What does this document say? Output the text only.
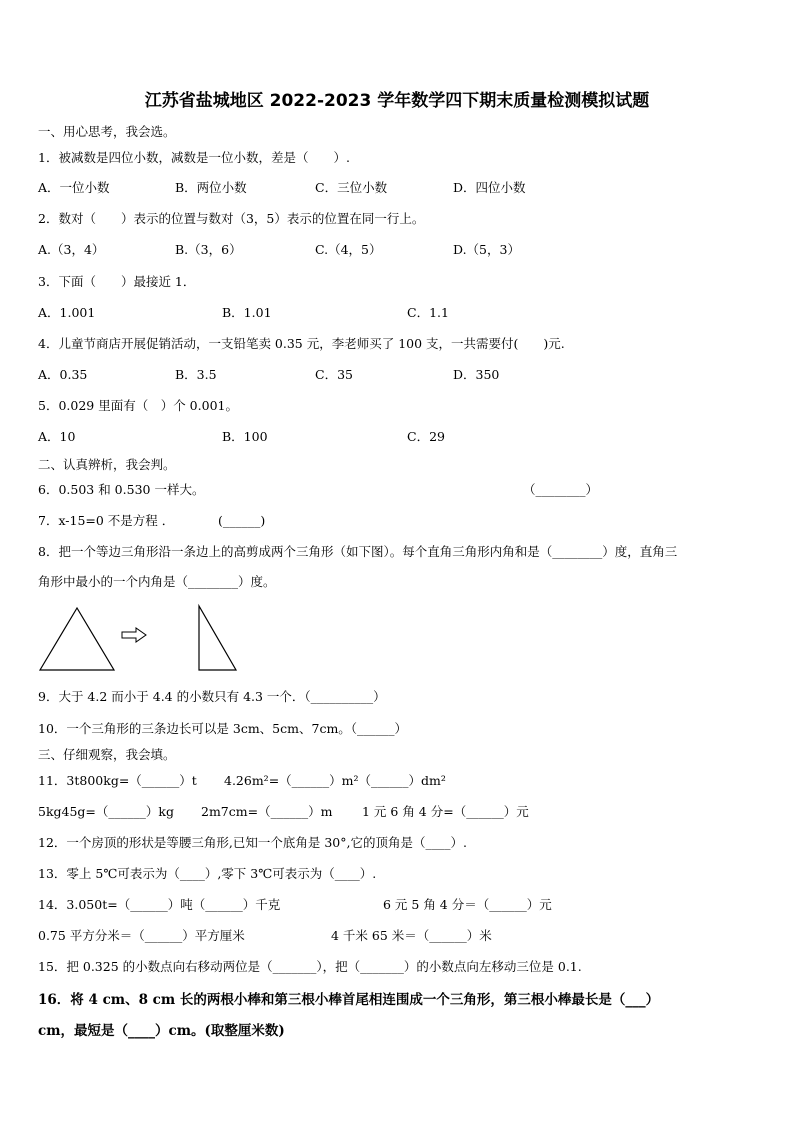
江苏省盐城地区 2022-2023 学年数学四下期末质量检测模拟试题
一、用心思考，我会选。
1．被减数是四位小数，减数是一位小数，差是（　　）.
A．一位小数	B．两位小数	C．三位小数	D．四位小数
2．数对（　　）表示的位置与数对（3，5）表示的位置在同一行上。
A.（3，4）	B.（3，6）	C.（4，5）	D.（5，3）
3．下面（　　）最接近 1．
A．1.001	B．1.01	C．1.1
4．儿童节商店开展促销活动，一支铅笔卖 0.35 元，李老师买了 100 支，一共需要付(　　)元.
A．0.35	B．3.5	C．35	D．350
5．0.029 里面有（　）个 0.001。
A．10	B．100	C．29
二、认真辨析，我会判。
6．0.503 和 0.530 一样大。	（________）
7．x-15=0 不是方程 ．　　　　(______)
8．把一个等边三角形沿一条边上的高剪成两个三角形（如下图）。每个直角三角形内角和是（________）度，直角三
角形中最小的一个内角是（________）度。
9．大于 4.2 而小于 4.4 的小数只有 4.3 一个．（__________）
10．一个三角形的三条边长可以是 3cm、5cm、7cm。（______）
三、仔细观察，我会填。
11．3t800kg=（______）t 4.26m²=（______）m²（______）dm²
5kg45g=（______）kg 2m7cm=（______）m 1 元 6 角 4 分=（______）元
12．一个房顶的形状是等腰三角形,已知一个底角是 30°,它的顶角是（____）.
13．零上 5℃可表示为（____）,零下 3℃可表示为（____）.
14．3.050t=（______）吨（______）千克	6 元 5 角 4 分＝（______）元
0.75 平方分米＝（______）平方厘米	4 千米 65 米＝（______）米
15．把 0.325 的小数点向右移动两位是（_______），把（_______）的小数点向左移动三位是 0.1.
16．将 4 cm、8 cm 长的两根小棒和第三根小棒首尾相连围成一个三角形，第三根小棒最长是（___）
cm，最短是（____）cm。(取整厘米数)
